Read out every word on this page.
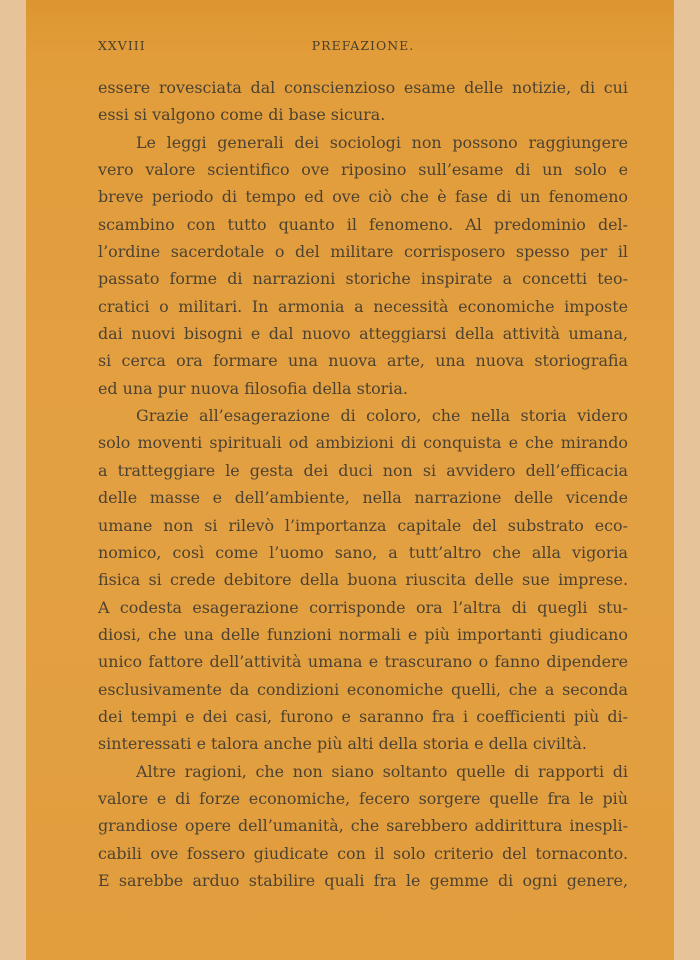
XXVIII	PREFAZIONE.
essere rovesciata dal conscienzioso esame delle notizie, di cui
essi si valgono come di base sicura.
Le leggi generali dei sociologi non possono raggiungere
vero valore scientifico ove riposino sull’esame di un solo e
breve periodo di tempo ed ove ciò che è fase di un fenomeno
scambino con tutto quanto il fenomeno. Al predominio del-
l’ordine sacerdotale o del militare corrisposero spesso per il
passato forme di narrazioni storiche inspirate a concetti teo-
cratici o militari. In armonia a necessità economiche imposte
dai nuovi bisogni e dal nuovo atteggiarsi della attività umana,
si cerca ora formare una nuova arte, una nuova storiografia
ed una pur nuova filosofia della storia.
Grazie all’esagerazione di coloro, che nella storia videro
solo moventi spirituali od ambizioni di conquista e che mirando
a tratteggiare le gesta dei duci non si avvidero dell’efficacia
delle masse e dell’ambiente, nella narrazione delle vicende
umane non si rilevò l’importanza capitale del substrato eco-
nomico, così come l’uomo sano, a tutt’altro che alla vigoria
fisica si crede debitore della buona riuscita delle sue imprese.
A codesta esagerazione corrisponde ora l’altra di quegli stu-
diosi, che una delle funzioni normali e più importanti giudicano
unico fattore dell’attività umana e trascurano o fanno dipendere
esclusivamente da condizioni economiche quelli, che a seconda
dei tempi e dei casi, furono e saranno fra i coefficienti più di-
sinteressati e talora anche più alti della storia e della civiltà.
Altre ragioni, che non siano soltanto quelle di rapporti di
valore e di forze economiche, fecero sorgere quelle fra le più
grandiose opere dell’umanità, che sarebbero addirittura inespli-
cabili ove fossero giudicate con il solo criterio del tornaconto.
E sarebbe arduo stabilire quali fra le gemme di ogni genere,
